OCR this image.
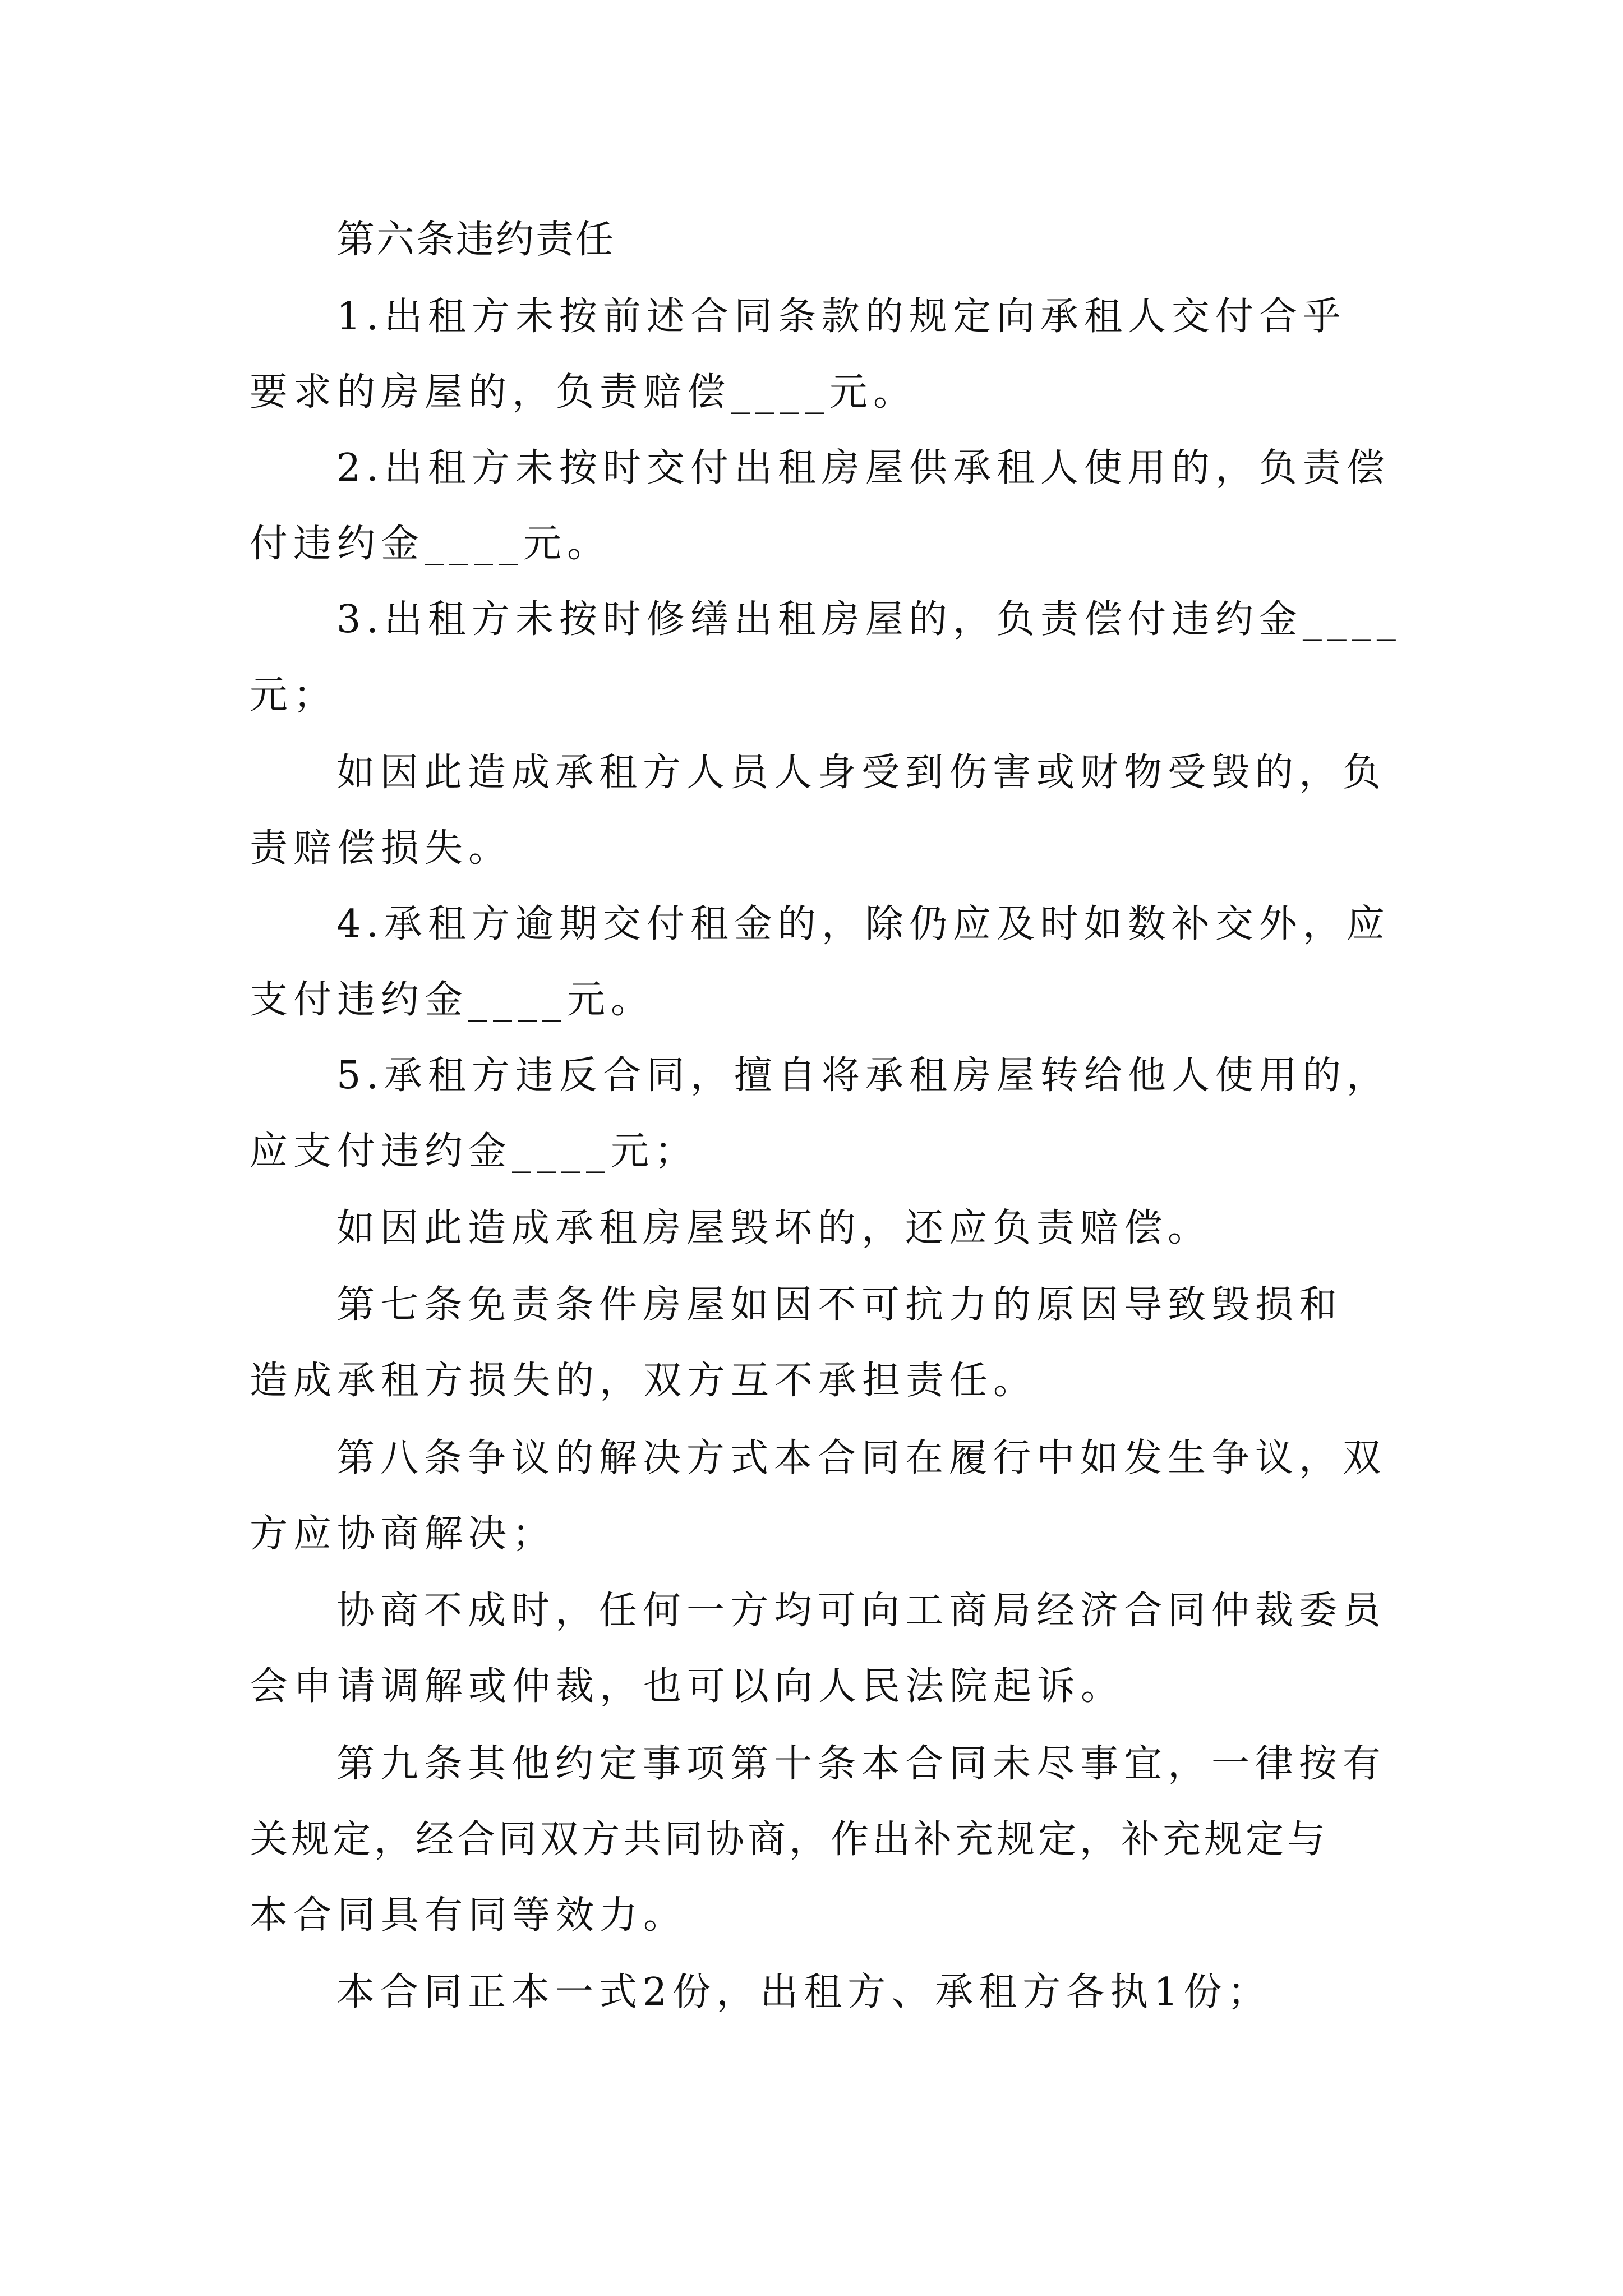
第六条违约责任
1.出租方未按前述合同条款的规定向承租人交付合乎
要求的房屋的，负责赔偿____元。
2.出租方未按时交付出租房屋供承租人使用的，负责偿
付违约金____元。
3.出租方未按时修缮出租房屋的，负责偿付违约金____
元；
如因此造成承租方人员人身受到伤害或财物受毁的，负
责赔偿损失。
4.承租方逾期交付租金的，除仍应及时如数补交外，应
支付违约金____元。
5.承租方违反合同，擅自将承租房屋转给他人使用的，
应支付违约金____元；
如因此造成承租房屋毁坏的，还应负责赔偿。
第七条免责条件房屋如因不可抗力的原因导致毁损和
造成承租方损失的，双方互不承担责任。
第八条争议的解决方式本合同在履行中如发生争议，双
方应协商解决；
协商不成时，任何一方均可向工商局经济合同仲裁委员
会申请调解或仲裁，也可以向人民法院起诉。
第九条其他约定事项第十条本合同未尽事宜，一律按有
关规定，经合同双方共同协商，作出补充规定，补充规定与
本合同具有同等效力。
本合同正本一式2份，出租方、承租方各执1份；
